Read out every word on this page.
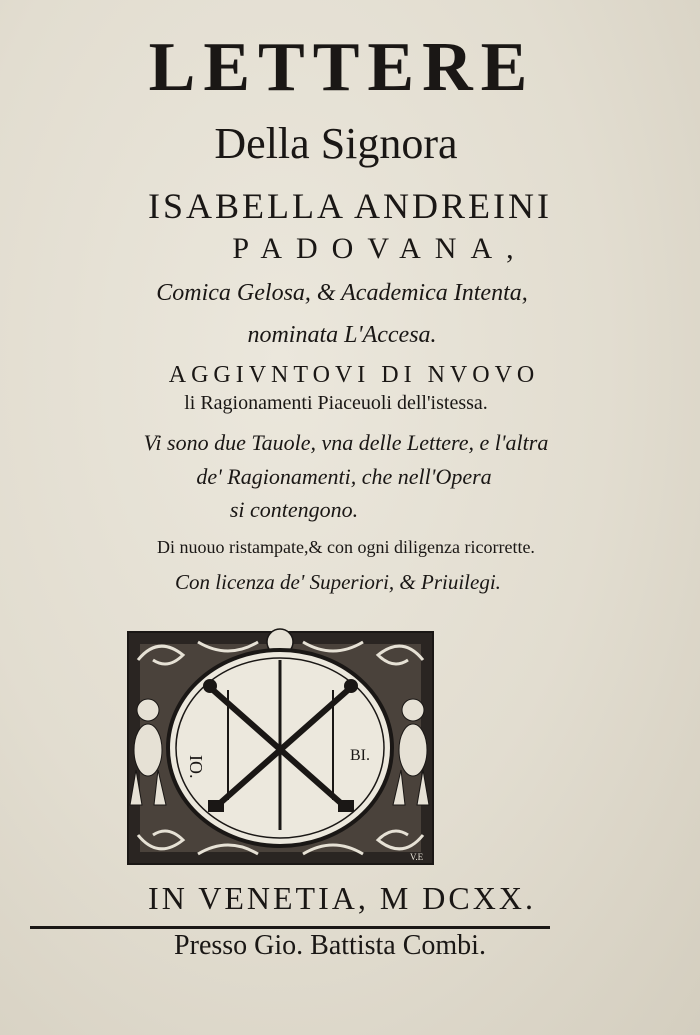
LETTERE
Della Signora
ISABELLA ANDREINI
PADOVANA,
Comica Gelosa, & Academica Intenta,
nominata L'Accesa.
AGGIVNTOVI DI NVOVO
li Ragionamenti Piaceuoli dell'istessa.
Vi sono due Tauole, vna delle Lettere, e l'altra
de' Ragionamenti, che nell'Opera
si contengono.
Di nuouo ristampate,& con ogni diligenza ricorrette.
Con licenza de' Superiori, & Priuilegi.
IO.	BI.
V.E
IN VENETIA, M DCXX.
Presso Gio. Battista Combi.
